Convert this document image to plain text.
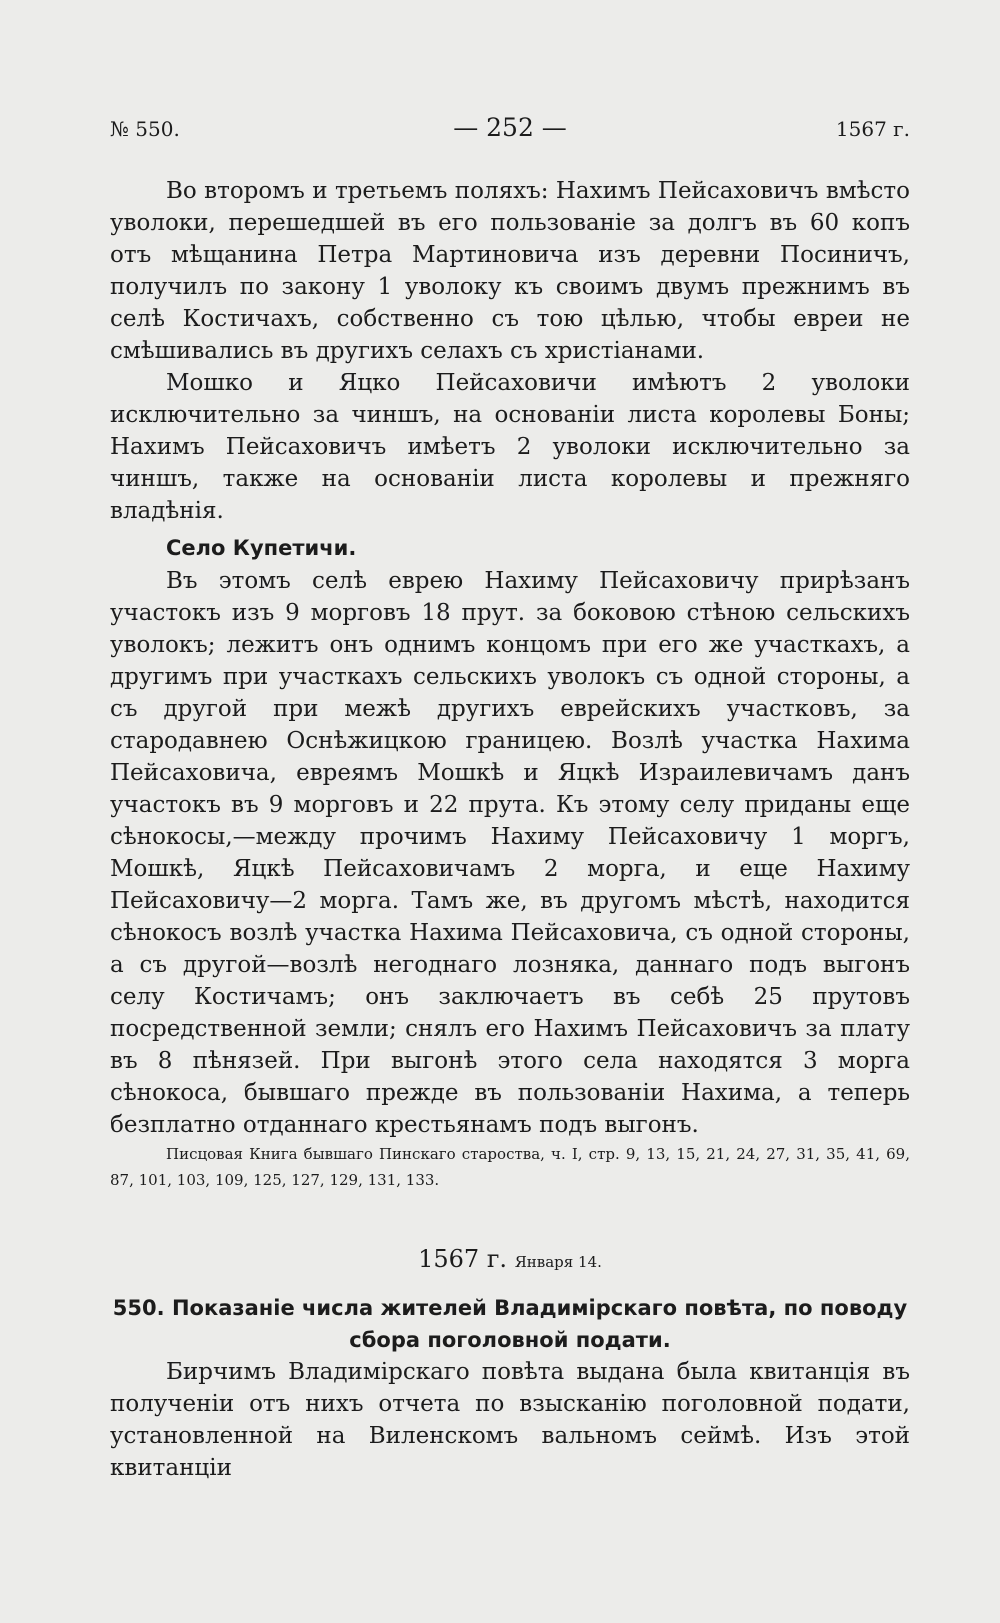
№ 550.	— 252 —	1567 г.

Во второмъ и третьемъ поляхъ: Нахимъ Пейсаховичъ вмѣсто уволоки, перешедшей въ его пользованіе за долгъ въ 60 копъ отъ мѣщанина Петра Мартиновича изъ деревни Посиничъ, получилъ по закону 1 уволоку къ своимъ двумъ прежнимъ въ селѣ Костичахъ, собственно съ тою цѣлью, чтобы евреи не смѣшивались въ другихъ селахъ съ христіанами.

Мошко и Яцко Пейсаховичи имѣютъ 2 уволоки исключительно за чиншъ, на основаніи листа королевы Боны; Нахимъ Пейсаховичъ имѣетъ 2 уволоки исключительно за чиншъ, также на основаніи листа королевы и прежняго владѣнія.

Село Купетичи.

Въ этомъ селѣ еврею Нахиму Пейсаховичу прирѣзанъ участокъ изъ 9 морговъ 18 прут. за боковою стѣною сельскихъ уволокъ; лежитъ онъ однимъ концомъ при его же участкахъ, а другимъ при участкахъ сельскихъ уволокъ съ одной стороны, а съ другой при межѣ другихъ еврейскихъ участковъ, за стародавнею Оснѣжицкою границею. Возлѣ участка Нахима Пейсаховича, евреямъ Мошкѣ и Яцкѣ Израилевичамъ данъ участокъ въ 9 морговъ и 22 прута. Къ этому селу приданы еще сѣнокосы,—между прочимъ Нахиму Пейсаховичу 1 моргъ, Мошкѣ, Яцкѣ Пейсаховичамъ 2 морга, и еще Нахиму Пейсаховичу—2 морга. Тамъ же, въ другомъ мѣстѣ, находится сѣнокосъ возлѣ участка Нахима Пейсаховича, съ одной стороны, а съ другой—возлѣ негоднаго лозняка, даннаго подъ выгонъ селу Костичамъ; онъ заключаетъ въ себѣ 25 прутовъ посредственной земли; снялъ его Нахимъ Пейсаховичъ за плату въ 8 пѣнязей. При выгонѣ этого села находятся 3 морга сѣнокоса, бывшаго прежде въ пользованіи Нахима, а теперь безплатно отданнаго крестьянамъ подъ выгонъ.

Писцовая Книга бывшаго Пинскаго староства, ч. I, стр. 9, 13, 15, 21, 24, 27, 31, 35, 41, 69, 87, 101, 103, 109, 125, 127, 129, 131, 133.

1567 г. Января 14.
550. Показаніе числа жителей Владимірскаго повѣта, по поводу сбора поголовной подати.

Бирчимъ Владимірскаго повѣта выдана была квитанція въ полученіи отъ нихъ отчета по взысканію поголовной подати, установленной на Виленскомъ вальномъ сеймѣ. Изъ этой квитанціи
